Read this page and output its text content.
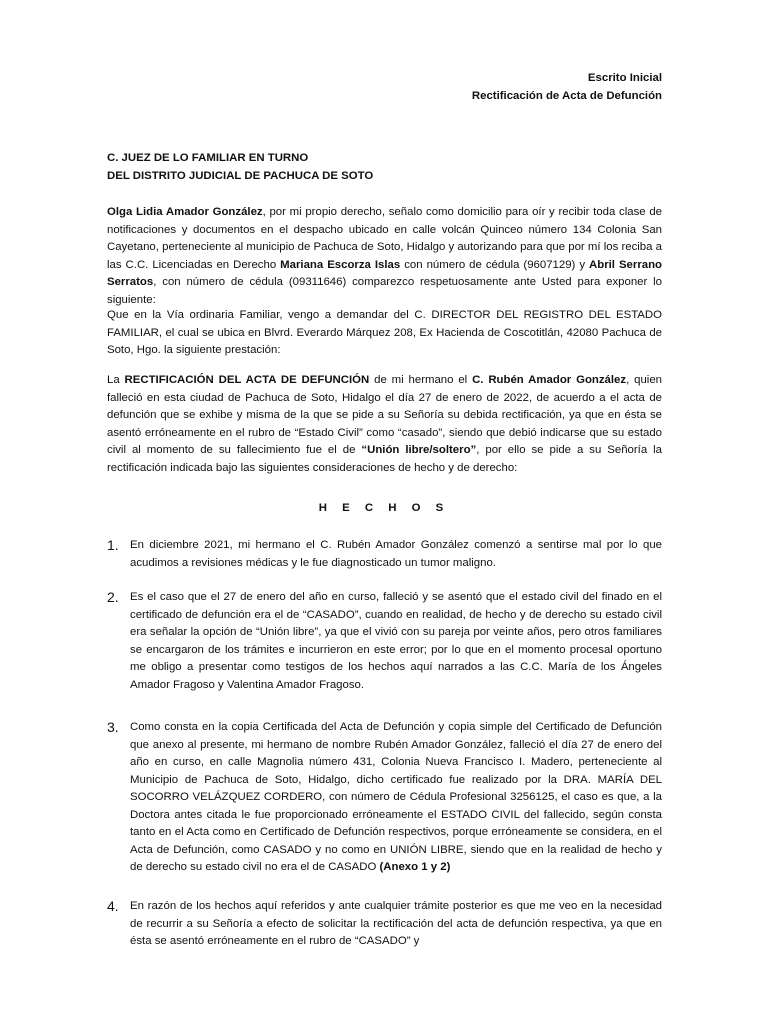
Escrito Inicial
Rectificación de Acta de Defunción
C. JUEZ DE LO FAMILIAR EN TURNO
DEL DISTRITO JUDICIAL DE PACHUCA DE SOTO
Olga Lidia Amador González, por mi propio derecho, señalo como domicilio para oír y recibir toda clase de notificaciones y documentos en el despacho ubicado en calle volcán Quinceo número 134 Colonia San Cayetano, perteneciente al municipio de Pachuca de Soto, Hidalgo y autorizando para que por mí los reciba a las C.C. Licenciadas en Derecho Mariana Escorza Islas con número de cédula (9607129) y Abril Serrano Serratos, con número de cédula (09311646) comparezco respetuosamente ante Usted para exponer lo siguiente:
Que en la Vía ordinaria Familiar, vengo a demandar del C. DIRECTOR DEL REGISTRO DEL ESTADO FAMILIAR, el cual se ubica en Blvrd. Everardo Márquez 208, Ex Hacienda de Coscotitlán, 42080 Pachuca de Soto, Hgo. la siguiente prestación:
La RECTIFICACIÓN DEL ACTA DE DEFUNCIÓN de mi hermano el C. Rubén Amador González, quien falleció en esta ciudad de Pachuca de Soto, Hidalgo el día 27 de enero de 2022, de acuerdo a el acta de defunción que se exhibe y misma de la que se pide a su Señoría su debida rectificación, ya que en ésta se asentó erróneamente en el rubro de “Estado Civil” como “casado”, siendo que debió indicarse que su estado civil al momento de su fallecimiento fue el de “Unión libre/soltero”, por ello se pide a su Señoría la rectificación indicada bajo las siguientes consideraciones de hecho y de derecho:
H E C H O S
1. En diciembre 2021, mi hermano el C. Rubén Amador González comenzó a sentirse mal por lo que acudimos a revisiones médicas y le fue diagnosticado un tumor maligno.
2. Es el caso que el 27 de enero del año en curso, falleció y se asentó que el estado civil del finado en el certificado de defunción era el de “CASADO”, cuando en realidad, de hecho y de derecho su estado civil era señalar la opción de “Unión libre”, ya que el vivió con su pareja por veinte años, pero otros familiares se encargaron de los trámites e incurrieron en este error; por lo que en el momento procesal oportuno me obligo a presentar como testigos de los hechos aquí narrados a las C.C. María de los Ángeles Amador Fragoso y Valentina Amador Fragoso.
3. Como consta en la copia Certificada del Acta de Defunción y copia simple del Certificado de Defunción que anexo al presente, mi hermano de nombre Rubén Amador González, falleció el día 27 de enero del año en curso, en calle Magnolia número 431, Colonia Nueva Francisco I. Madero, perteneciente al Municipio de Pachuca de Soto, Hidalgo, dicho certificado fue realizado por la DRA. MARÍA DEL SOCORRO VELÁZQUEZ CORDERO, con número de Cédula Profesional 3256125, el caso es que, a la Doctora antes citada le fue proporcionado erróneamente el ESTADO CIVIL del fallecido, según consta tanto en el Acta como en Certificado de Defunción respectivos, porque erróneamente se considera, en el Acta de Defunción, como CASADO y no como en UNIÓN LIBRE, siendo que en la realidad de hecho y de derecho su estado civil no era el de CASADO (Anexo 1 y 2)
4. En razón de los hechos aquí referidos y ante cualquier trámite posterior es que me veo en la necesidad de recurrir a su Señoría a efecto de solicitar la rectificación del acta de defunción respectiva, ya que en ésta se asentó erróneamente en el rubro de “CASADO” y
